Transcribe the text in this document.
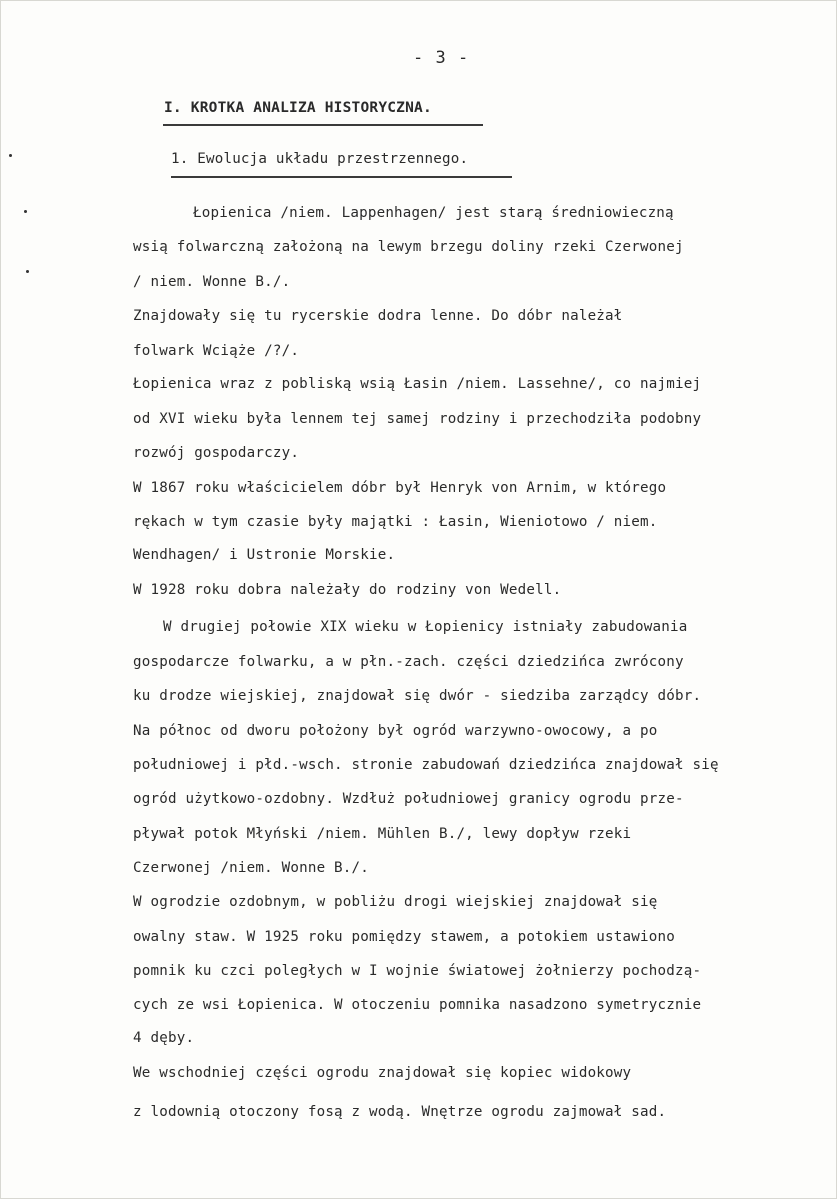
- 3 -
I. KROTKA ANALIZA HISTORYCZNA.
1. Ewolucja układu przestrzennego.
Łopienica /niem. Lappenhagen/ jest starą średniowieczną
wsią folwarczną założoną na lewym brzegu doliny rzeki Czerwonej
/ niem. Wonne B./.
Znajdowały się tu rycerskie dodra lenne. Do dóbr należał
folwark Wciąże /?/.
Łopienica wraz z pobliską wsią Łasin /niem. Lassehne/, co najmiej
od XVI wieku była lennem tej samej rodziny i przechodziła podobny
rozwój gospodarczy.
W 1867 roku właścicielem dóbr był Henryk von Arnim, w którego
rękach w tym czasie były majątki : Łasin, Wieniotowo / niem.
Wendhagen/ i Ustronie Morskie.
W 1928 roku dobra należały do rodziny von Wedell.
W drugiej połowie XIX wieku w Łopienicy istniały zabudowania
gospodarcze folwarku, a w płn.-zach. części dziedzińca zwrócony
ku drodze wiejskiej, znajdował się dwór - siedziba zarządcy dóbr.
Na północ od dworu położony był ogród warzywno-owocowy, a po
południowej i płd.-wsch. stronie zabudowań dziedzińca znajdował się
ogród użytkowo-ozdobny. Wzdłuż południowej granicy ogrodu prze-
pływał potok Młyński /niem. Mühlen B./, lewy dopływ rzeki
Czerwonej /niem. Wonne B./.
W ogrodzie ozdobnym, w pobliżu drogi wiejskiej znajdował się
owalny staw. W 1925 roku pomiędzy stawem, a potokiem ustawiono
pomnik ku czci poległych w I wojnie światowej żołnierzy pochodzą-
cych ze wsi Łopienica. W otoczeniu pomnika nasadzono symetrycznie
4 dęby.
We wschodniej części ogrodu znajdował się kopiec widokowy
z lodownią otoczony fosą z wodą. Wnętrze ogrodu zajmował sad.
